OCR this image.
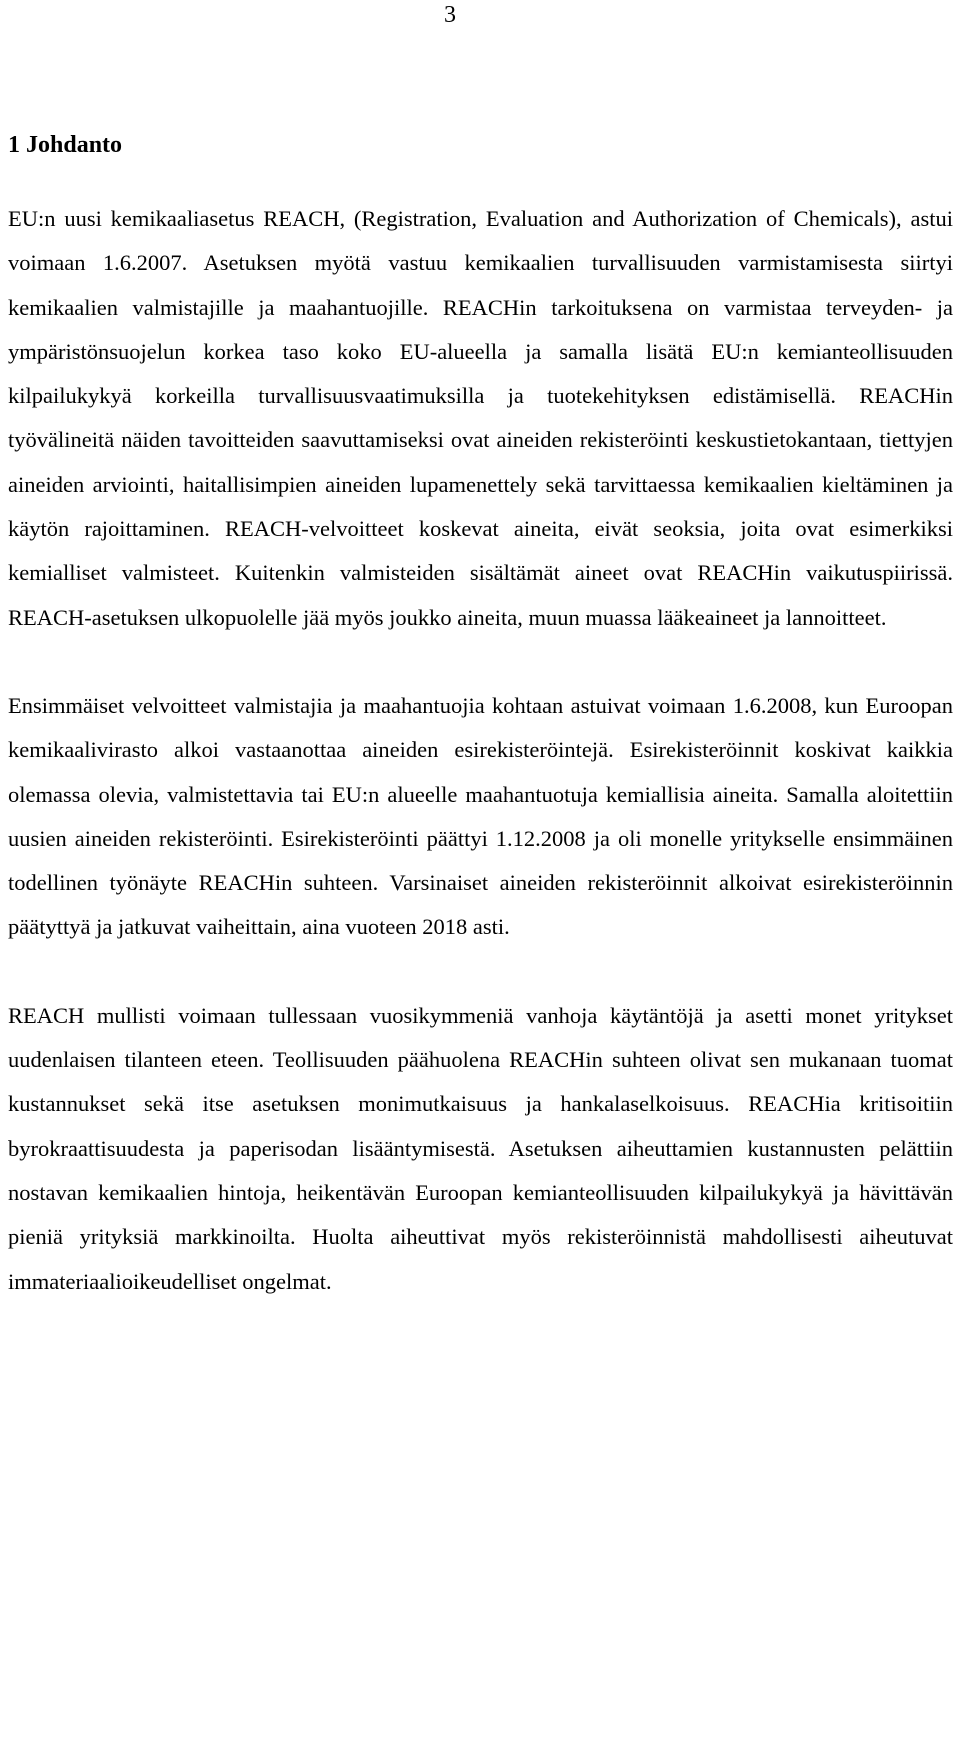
3
1 Johdanto

EU:n uusi kemikaaliasetus REACH, (Registration, Evaluation and Authorization of Chemicals), astui voimaan 1.6.2007. Asetuksen myötä vastuu kemikaalien turvallisuuden varmistamisesta siirtyi kemikaalien valmistajille ja maahantuojille. REACHin tarkoituksena on varmistaa terveyden- ja ympäristönsuojelun korkea taso koko EU-alueella ja samalla lisätä EU:n kemianteollisuuden kilpailukykyä korkeilla turvallisuusvaatimuksilla ja tuotekehityksen edistämisellä. REACHin työvälineitä näiden tavoitteiden saavuttamiseksi ovat aineiden rekisteröinti keskustietokantaan, tiettyjen aineiden arviointi, haitallisimpien aineiden lupamenettely sekä tarvittaessa kemikaalien kieltäminen ja käytön rajoittaminen. REACH-velvoitteet koskevat aineita, eivät seoksia, joita ovat esimerkiksi kemialliset valmisteet. Kuitenkin valmisteiden sisältämät aineet ovat REACHin vaikutuspiirissä. REACH-asetuksen ulkopuolelle jää myös joukko aineita, muun muassa lääkeaineet ja lannoitteet.

Ensimmäiset velvoitteet valmistajia ja maahantuojia kohtaan astuivat voimaan 1.6.2008, kun Euroopan kemikaalivirasto alkoi vastaanottaa aineiden esirekisteröintejä. Esirekisteröinnit koskivat kaikkia olemassa olevia, valmistettavia tai EU:n alueelle maahantuotuja kemiallisia aineita. Samalla aloitettiin uusien aineiden rekisteröinti. Esirekisteröinti päättyi 1.12.2008 ja oli monelle yritykselle ensimmäinen todellinen työnäyte REACHin suhteen. Varsinaiset aineiden rekisteröinnit alkoivat esirekisteröinnin päätyttyä ja jatkuvat vaiheittain, aina vuoteen 2018 asti.

REACH mullisti voimaan tullessaan vuosikymmeniä vanhoja käytäntöjä ja asetti monet yritykset uudenlaisen tilanteen eteen. Teollisuuden päähuolena REACHin suhteen olivat sen mukanaan tuomat kustannukset sekä itse asetuksen monimutkaisuus ja hankalaselkoisuus. REACHia kritisoitiin byrokraattisuudesta ja paperisodan lisääntymisestä. Asetuksen aiheuttamien kustannusten pelättiin nostavan kemikaalien hintoja, heikentävän Euroopan kemianteollisuuden kilpailukykyä ja hävittävän pieniä yrityksiä markkinoilta. Huolta aiheuttivat myös rekisteröinnistä mahdollisesti aiheutuvat immateriaalioikeudelliset ongelmat.
